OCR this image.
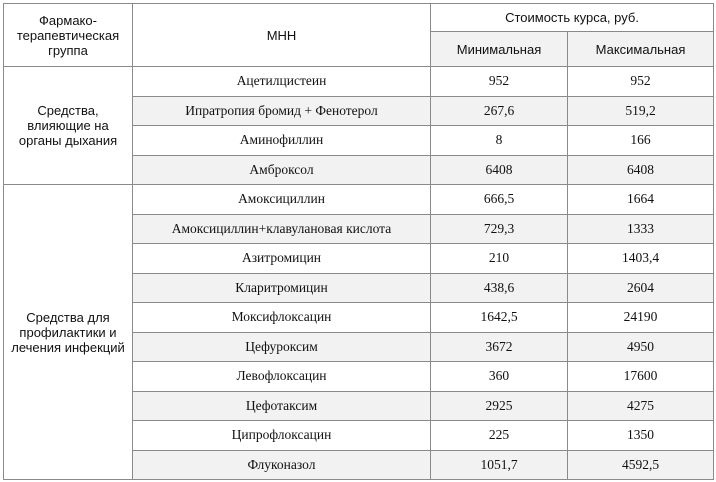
Фармако-терапевтическая группа	МНН	Стоимость курса, руб.	
		Минимальная	Максимальная
Средства, влияющие на органы дыхания	Ацетилцистеин	952	952
	Ипратропия бромид + Фенотерол	267,6	519,2
	Аминофиллин	8	166
	Амброксол	6408	6408
Средства для профилактики и лечения инфекций	Амоксициллин	666,5	1664
	Амоксициллин+клавулановая кислота	729,3	1333
	Азитромицин	210	1403,4
	Кларитромицин	438,6	2604
	Моксифлоксацин	1642,5	24190
	Цефуроксим	3672	4950
	Левофлоксацин	360	17600
	Цефотаксим	2925	4275
	Ципрофлоксацин	225	1350
	Флуконазол	1051,7	4592,5
